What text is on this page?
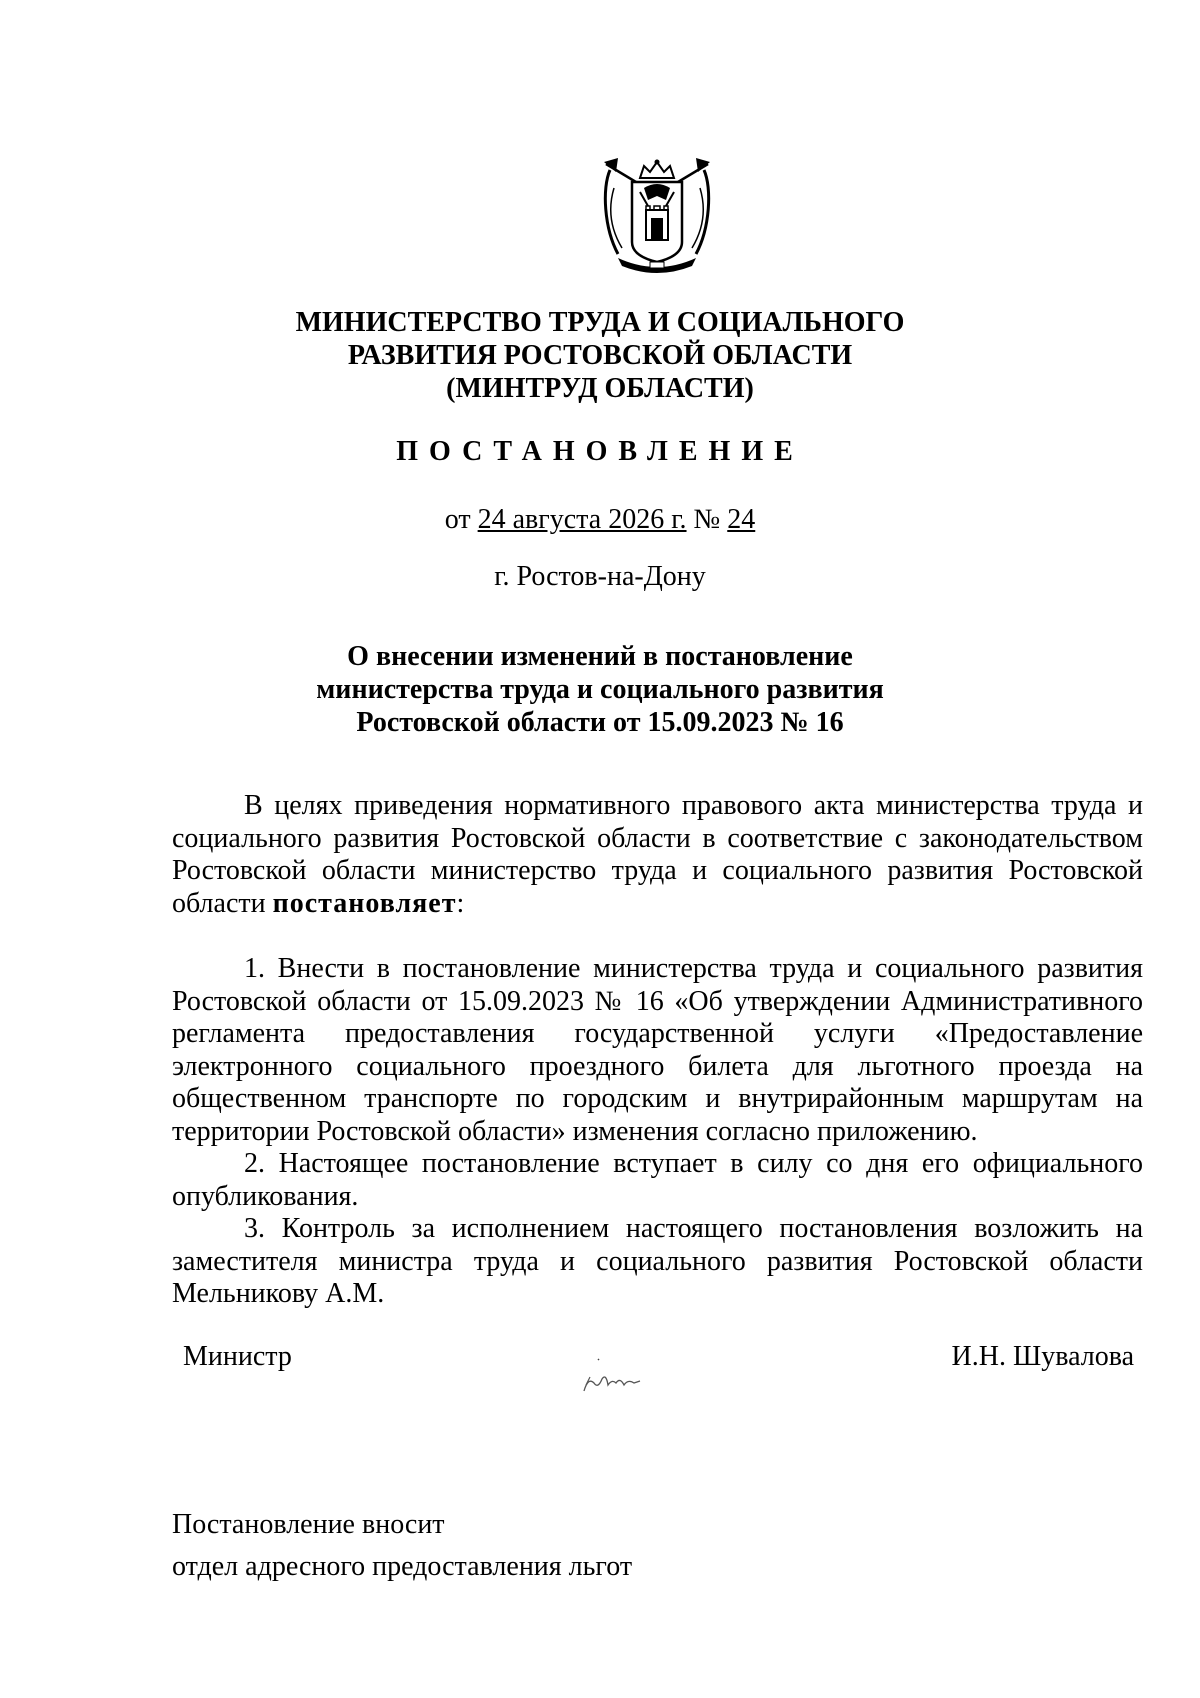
МИНИСТЕРСТВО ТРУДА И СОЦИАЛЬНОГО
РАЗВИТИЯ РОСТОВСКОЙ ОБЛАСТИ
(МИНТРУД ОБЛАСТИ)
ПОСТАНОВЛЕНИЕ
от 24 августа 2026 г. № 24
г. Ростов-на-Дону
О внесении изменений в постановление
министерства труда и социального развития
Ростовской области от 15.09.2023 № 16

В целях приведения нормативного правового акта министерства труда и социального развития Ростовской области в соответствие с законодательством Ростовской области министерство труда и социального развития Ростовской области постановляет:

1. Внести в постановление министерства труда и социального развития Ростовской области от 15.09.2023 № 16 «Об утверждении Административного регламента предоставления государственной услуги «Предоставление электронного социального проездного билета для льготного проезда на общественном транспорте по городским и внутрирайонным маршрутам на территории Ростовской области» изменения согласно приложению.

2. Настоящее постановление вступает в силу со дня его официального опубликования.

3. Контроль за исполнением настоящего постановления возложить на заместителя министра труда и социального развития Ростовской области Мельникову А.М.

Министр	И.Н. Шувалова
Постановление вносит
отдел адресного предоставления льгот
